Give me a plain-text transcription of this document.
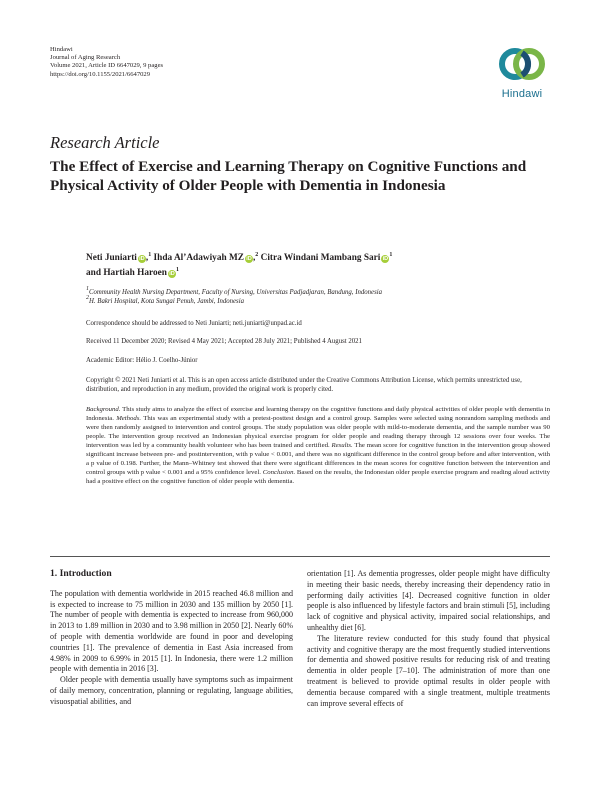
Hindawi
Journal of Aging Research
Volume 2021, Article ID 6647029, 9 pages
https://doi.org/10.1155/2021/6647029
Hindawi
Research Article
The Effect of Exercise and Learning Therapy on Cognitive Functions and Physical Activity of Older People with Dementia in Indonesia
Neti Juniarti iD,$^1$ Ihda Al’Adawiyah MZ iD,$^2$ Citra Windani Mambang Sari $iD^1$
and Hartiah Haroen $iD^1$
$^1$Community Health Nursing Department, Faculty of Nursing, Universitas Padjadjaran, Bandung, Indonesia
$^2$H. Bakri Hospital, Kota Sungai Penuh, Jambi, Indonesia
Correspondence should be addressed to Neti Juniarti; neti.juniarti@unpad.ac.id
Received 11 December 2020; Revised 4 May 2021; Accepted 28 July 2021; Published 4 August 2021
Academic Editor: Hélio J. Coelho-Júnior
Copyright © 2021 Neti Juniarti et al. This is an open access article distributed under the Creative Commons Attribution License, which permits unrestricted use, distribution, and reproduction in any medium, provided the original work is properly cited.

Background. This study aims to analyze the effect of exercise and learning therapy on the cognitive functions and daily physical activities of older people with dementia in Indonesia. Methods. This was an experimental study with a pretest-posttest design and a control group. Samples were selected using nonrandom sampling methods and were then randomly assigned to intervention and control groups. The study population was older people with mild-to-moderate dementia, and the sample number was 90 people. The intervention group received an Indonesian physical exercise program for older people and reading therapy through 12 sessions over four weeks. The intervention was led by a community health volunteer who has been trained and certified. Results. The mean score for cognitive function in the intervention group showed significant increase between pre- and postintervention, with p value < 0.001, and there was no significant difference in the control group before and after intervention, with a p value of 0.198. Further, the Mann–Whitney test showed that there were significant differences in the mean scores for cognitive function between the intervention and control groups with p value < 0.001 and a 95% confidence level. Conclusion. Based on the results, the Indonesian older people exercise program and reading aloud activity had a positive effect on the cognitive function of older people with dementia.

1. Introduction

The population with dementia worldwide in 2015 reached 46.8 million and is expected to increase to 75 million in 2030 and 135 million by 2050 [1]. The number of people with dementia is expected to increase from 960,000 in 2013 to 1.89 million in 2030 and to 3.98 million in 2050 [2]. Nearly 60% of people with dementia worldwide are found in poor and developing countries [1]. The prevalence of dementia in East Asia increased from 4.98% in 2009 to 6.99% in 2015 [1]. In Indonesia, there were 1.2 million people with dementia in 2016 [3].

Older people with dementia usually have symptoms such as impairment of daily memory, concentration, planning or regulating, language abilities, visuospatial abilities, and

orientation [1]. As dementia progresses, older people might have difficulty in meeting their basic needs, thereby increasing their dependency ratio in performing daily activities [4]. Decreased cognitive function in older people is also influenced by lifestyle factors and brain stimuli [5], including lack of cognitive and physical activity, impaired social relationships, and unhealthy diet [6].

The literature review conducted for this study found that physical activity and cognitive therapy are the most frequently studied interventions for dementia and showed positive results for reducing risk of and treating dementia in older people [7–10]. The administration of more than one treatment is believed to provide optimal results in older people with dementia because compared with a single treatment, multiple treatments can improve several effects of
